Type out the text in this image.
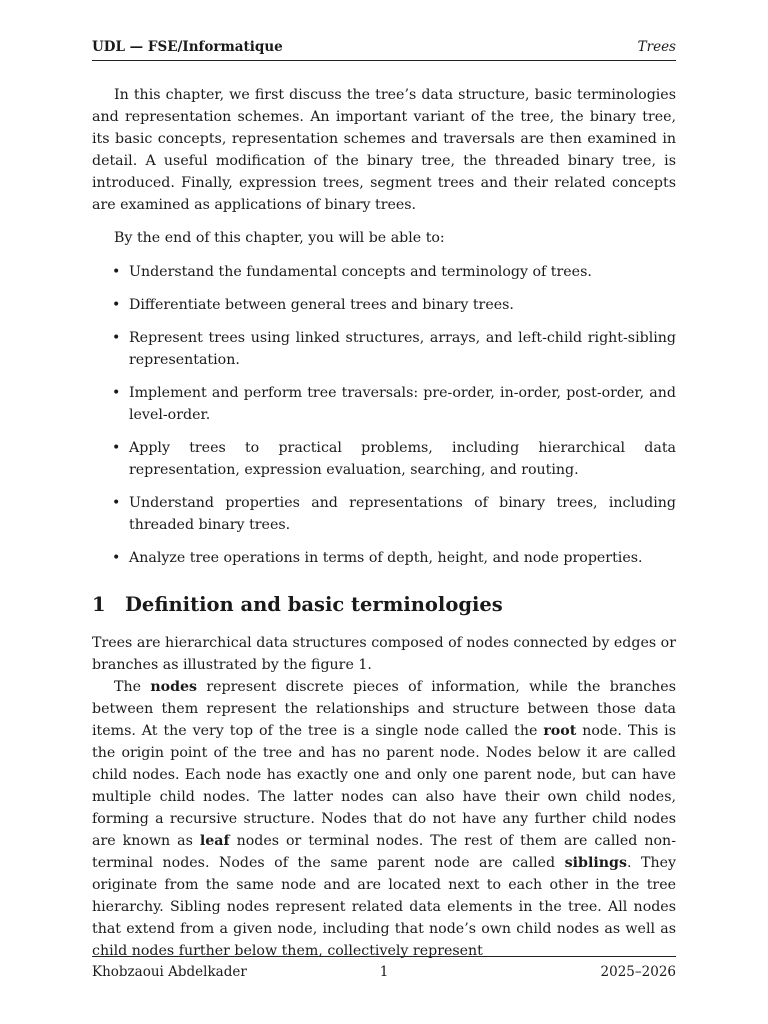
UDL — FSE/Informatique	Trees

In this chapter, we first discuss the tree’s data structure, basic terminologies and representation schemes. An important variant of the tree, the binary tree, its basic concepts, representation schemes and traversals are then examined in detail. A useful modification of the binary tree, the threaded binary tree, is introduced. Finally, expression trees, segment trees and their related concepts are examined as applications of binary trees.

By the end of this chapter, you will be able to:

• Understand the fundamental concepts and terminology of trees.
• Differentiate between general trees and binary trees.
• Represent trees using linked structures, arrays, and left-child right-sibling representation.
• Implement and perform tree traversals: pre-order, in-order, post-order, and level-order.
• Apply trees to practical problems, including hierarchical data representation, expression evaluation, searching, and routing.
• Understand properties and representations of binary trees, including threaded binary trees.
• Analyze tree operations in terms of depth, height, and node properties.
1 Definition and basic terminologies

Trees are hierarchical data structures composed of nodes connected by edges or branches as illustrated by the figure 1.

The nodes represent discrete pieces of information, while the branches between them represent the relationships and structure between those data items. At the very top of the tree is a single node called the root node. This is the origin point of the tree and has no parent node. Nodes below it are called child nodes. Each node has exactly one and only one parent node, but can have multiple child nodes. The latter nodes can also have their own child nodes, forming a recursive structure. Nodes that do not have any further child nodes are known as leaf nodes or terminal nodes. The rest of them are called non-terminal nodes. Nodes of the same parent node are called siblings. They originate from the same node and are located next to each other in the tree hierarchy. Sibling nodes represent related data elements in the tree. All nodes that extend from a given node, including that node’s own child nodes as well as child nodes further below them, collectively represent

Khobzaoui Abdelkader	1	2025–2026
